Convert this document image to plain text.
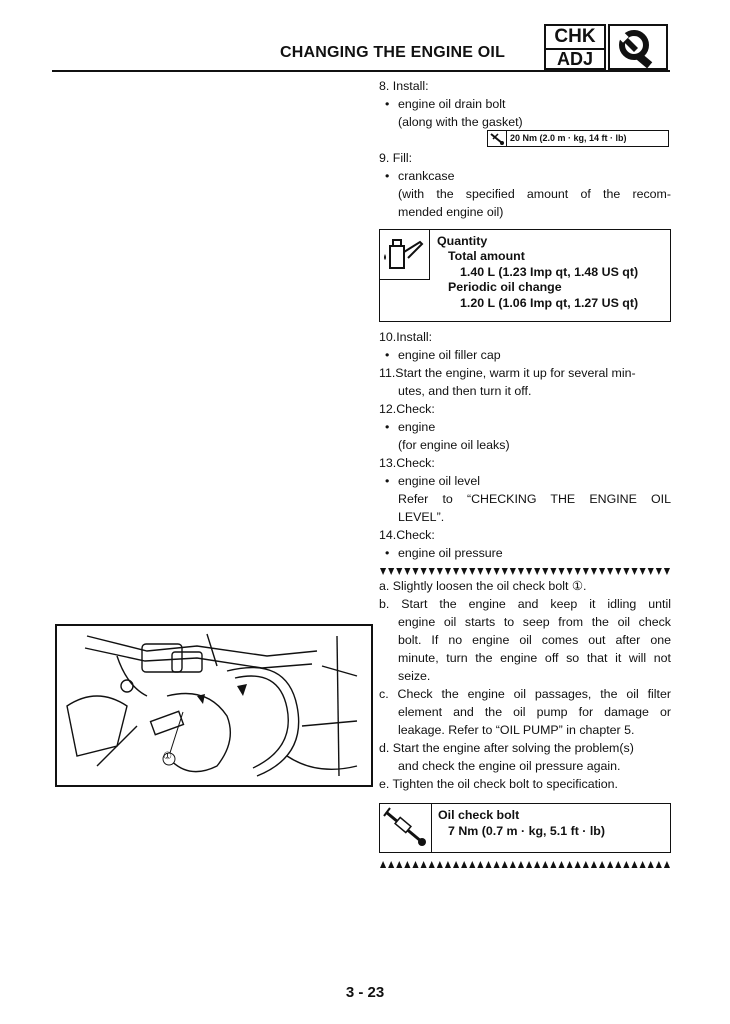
CHANGING THE ENGINE OIL
CHK
ADJ
8. Install:
• engine oil drain bolt
(along with the gasket)
9. Fill:
• crankcase
(with the specified amount of the recom-
mended engine oil)
20 Nm (2.0 m · kg, 14 ft · lb)
Quantity
Total amount
1.40 L (1.23 Imp qt, 1.48 US qt)
Periodic oil change
1.20 L (1.06 Imp qt, 1.27 US qt)
10.Install:
• engine oil filler cap
11.Start the engine, warm it up for several min-
utes, and then turn it off.
12.Check:
• engine
(for engine oil leaks)
13.Check:
• engine oil level
Refer to “CHECKING THE ENGINE OIL
LEVEL”.
14.Check:
• engine oil pressure
a. Slightly loosen the oil check bolt ①.
b. Start the engine and keep it idling until
engine oil starts to seep from the oil check
bolt. If no engine oil comes out after one
minute, turn the engine off so that it will not
seize.
c. Check the engine oil passages, the oil filter
element and the oil pump for damage or
leakage. Refer to “OIL PUMP” in chapter 5.
d. Start the engine after solving the problem(s)
and check the engine oil pressure again.
e. Tighten the oil check bolt to specification.
Oil check bolt
7 Nm (0.7 m · kg, 5.1 ft · lb)
①
3 - 23
